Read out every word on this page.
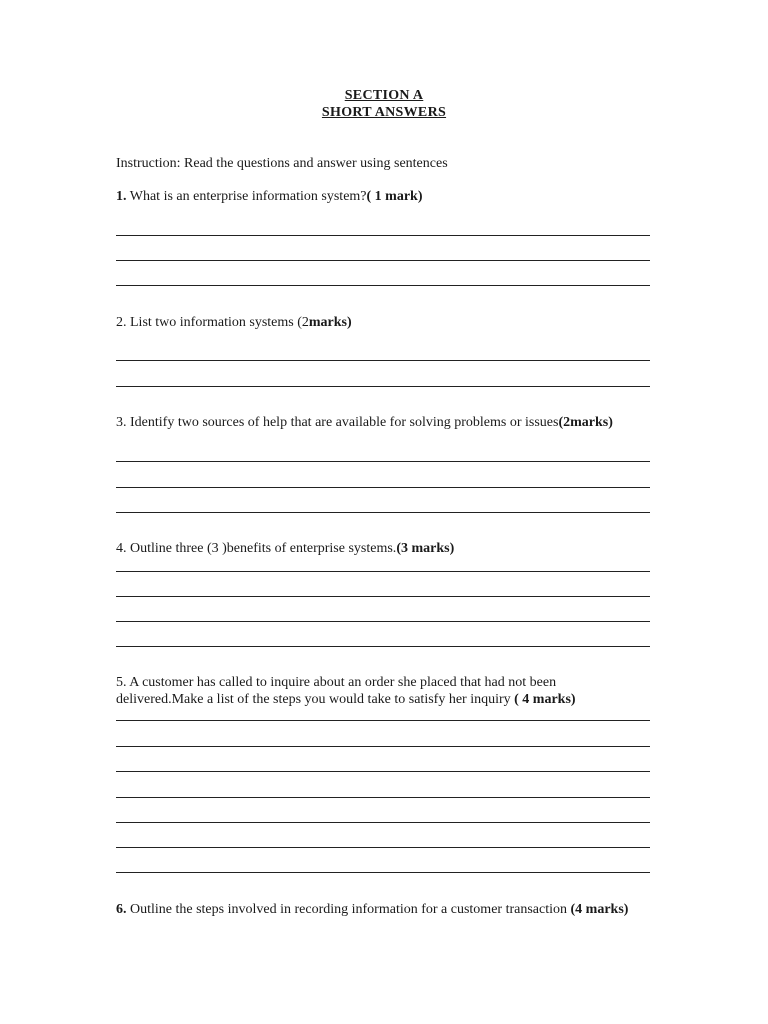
SECTION A
SHORT ANSWERS
Instruction: Read the questions and answer using sentences
1. What is an enterprise information system?( 1 mark)
2. List two information systems (2marks)
3. Identify two sources of help that are available for solving problems or issues(2marks)
4. Outline three (3 )benefits of enterprise systems.(3 marks)
5. A customer has called to inquire about an order she placed that had not been delivered.Make a list of the steps you would take to satisfy her inquiry ( 4 marks)
6. Outline the steps involved in recording information for a customer transaction (4 marks)
